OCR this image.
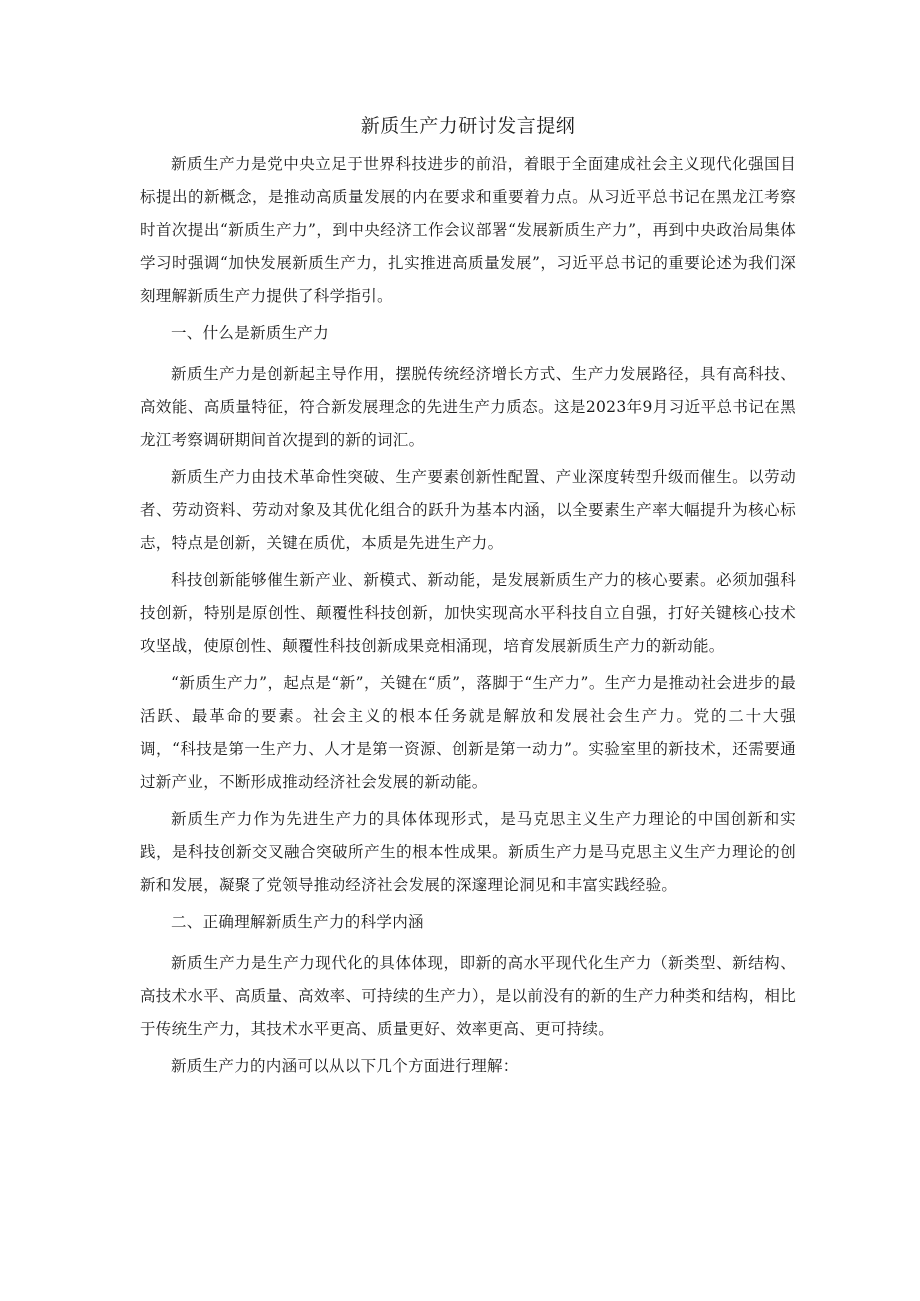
新质生产力研讨发言提纲

新质生产力是党中央立足于世界科技进步的前沿，着眼于全面建成社会主义现代化强国目标提出的新概念，是推动高质量发展的内在要求和重要着力点。从习近平总书记在黑龙江考察时首次提出“新质生产力”，到中央经济工作会议部署“发展新质生产力”，再到中央政治局集体学习时强调“加快发展新质生产力，扎实推进高质量发展”，习近平总书记的重要论述为我们深刻理解新质生产力提供了科学指引。

一、什么是新质生产力

新质生产力是创新起主导作用，摆脱传统经济增长方式、生产力发展路径，具有高科技、高效能、高质量特征，符合新发展理念的先进生产力质态。这是2023年9月习近平总书记在黑龙江考察调研期间首次提到的新的词汇。

新质生产力由技术革命性突破、生产要素创新性配置、产业深度转型升级而催生。以劳动者、劳动资料、劳动对象及其优化组合的跃升为基本内涵，以全要素生产率大幅提升为核心标志，特点是创新，关键在质优，本质是先进生产力。

科技创新能够催生新产业、新模式、新动能，是发展新质生产力的核心要素。必须加强科技创新，特别是原创性、颠覆性科技创新，加快实现高水平科技自立自强，打好关键核心技术攻坚战，使原创性、颠覆性科技创新成果竞相涌现，培育发展新质生产力的新动能。

“新质生产力”，起点是“新”，关键在“质”，落脚于“生产力”。生产力是推动社会进步的最活跃、最革命的要素。社会主义的根本任务就是解放和发展社会生产力。党的二十大强调，“科技是第一生产力、人才是第一资源、创新是第一动力”。实验室里的新技术，还需要通过新产业，不断形成推动经济社会发展的新动能。

新质生产力作为先进生产力的具体体现形式，是马克思主义生产力理论的中国创新和实践，是科技创新交叉融合突破所产生的根本性成果。新质生产力是马克思主义生产力理论的创新和发展，凝聚了党领导推动经济社会发展的深邃理论洞见和丰富实践经验。

二、正确理解新质生产力的科学内涵

新质生产力是生产力现代化的具体体现，即新的高水平现代化生产力（新类型、新结构、高技术水平、高质量、高效率、可持续的生产力），是以前没有的新的生产力种类和结构，相比于传统生产力，其技术水平更高、质量更好、效率更高、更可持续。

新质生产力的内涵可以从以下几个方面进行理解：
